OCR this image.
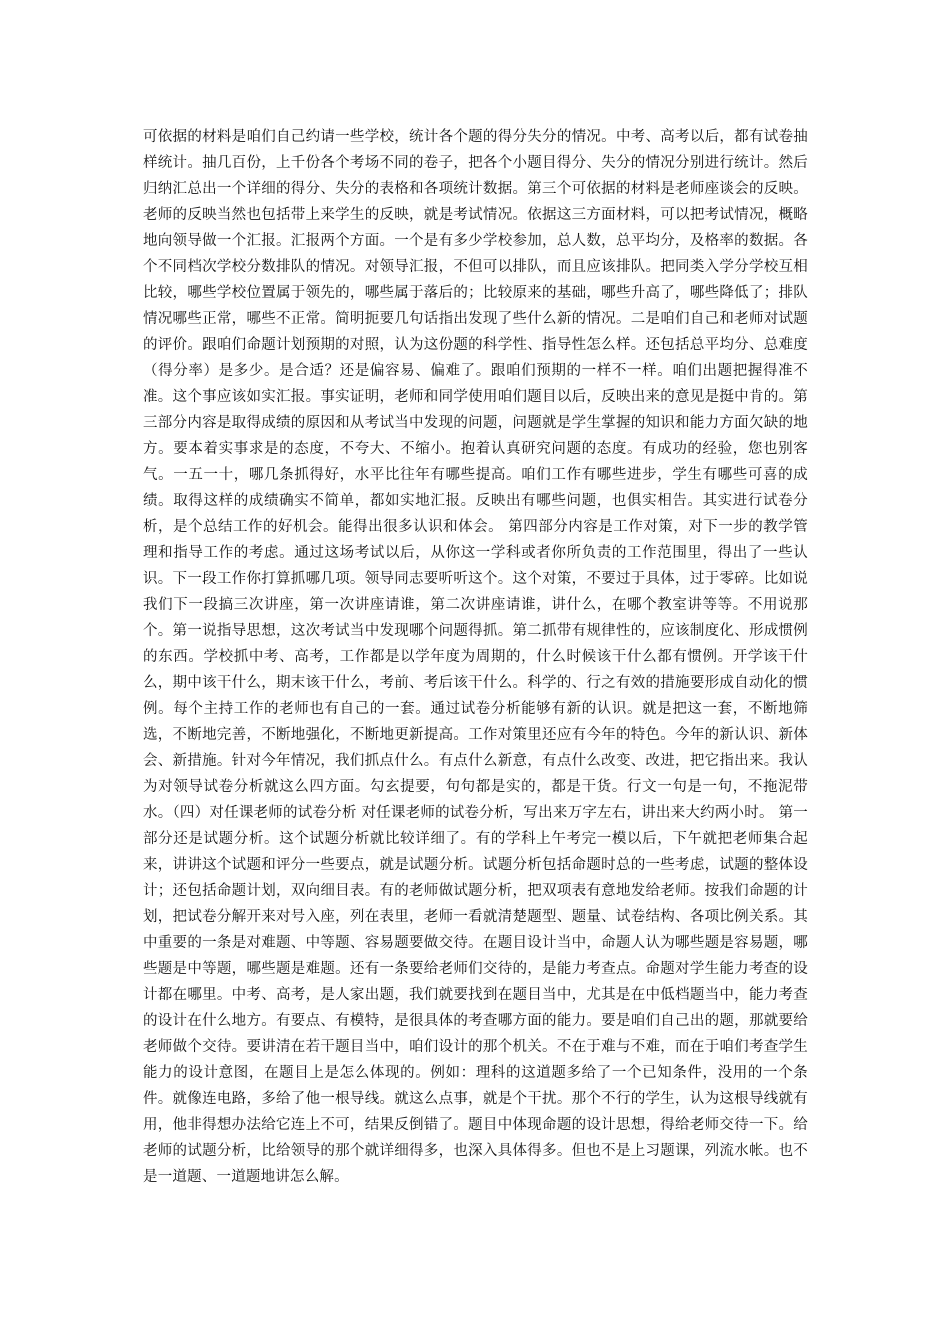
可依据的材料是咱们自己约请一些学校，统计各个题的得分失分的情况。中考、高考以后，都有试卷抽样统计。抽几百份，上千份各个考场不同的卷子，把各个小题目得分、失分的情况分别进行统计。然后归纳汇总出一个详细的得分、失分的表格和各项统计数据。第三个可依据的材料是老师座谈会的反映。老师的反映当然也包括带上来学生的反映，就是考试情况。依据这三方面材料，可以把考试情况，概略地向领导做一个汇报。汇报两个方面。一个是有多少学校参加，总人数，总平均分，及格率的数据。各个不同档次学校分数排队的情况。对领导汇报，不但可以排队，而且应该排队。把同类入学分学校互相比较，哪些学校位置属于领先的，哪些属于落后的；比较原来的基础，哪些升高了，哪些降低了；排队情况哪些正常，哪些不正常。简明扼要几句话指出发现了些什么新的情况。二是咱们自己和老师对试题的评价。跟咱们命题计划预期的对照，认为这份题的科学性、指导性怎么样。还包括总平均分、总难度（得分率）是多少。是合适？还是偏容易、偏难了。跟咱们预期的一样不一样。咱们出题把握得准不准。这个事应该如实汇报。事实证明，老师和同学使用咱们题目以后，反映出来的意见是挺中肯的。第三部分内容是取得成绩的原因和从考试当中发现的问题，问题就是学生掌握的知识和能力方面欠缺的地方。要本着实事求是的态度，不夸大、不缩小。抱着认真研究问题的态度。有成功的经验，您也别客气。一五一十，哪几条抓得好，水平比往年有哪些提高。咱们工作有哪些进步，学生有哪些可喜的成绩。取得这样的成绩确实不简单，都如实地汇报。反映出有哪些问题，也俱实相告。其实进行试卷分析，是个总结工作的好机会。能得出很多认识和体会。 第四部分内容是工作对策，对下一步的教学管理和指导工作的考虑。通过这场考试以后，从你这一学科或者你所负责的工作范围里，得出了一些认识。下一段工作你打算抓哪几项。领导同志要听听这个。这个对策，不要过于具体，过于零碎。比如说我们下一段搞三次讲座，第一次讲座请谁，第二次讲座请谁，讲什么，在哪个教室讲等等。不用说那个。第一说指导思想，这次考试当中发现哪个问题得抓。第二抓带有规律性的，应该制度化、形成惯例的东西。学校抓中考、高考，工作都是以学年度为周期的，什么时候该干什么都有惯例。开学该干什么，期中该干什么，期末该干什么，考前、考后该干什么。科学的、行之有效的措施要形成自动化的惯例。每个主持工作的老师也有自己的一套。通过试卷分析能够有新的认识。就是把这一套，不断地筛选，不断地完善，不断地强化，不断地更新提高。工作对策里还应有今年的特色。今年的新认识、新体会、新措施。针对今年情况，我们抓点什么。有点什么新意，有点什么改变、改进，把它指出来。我认为对领导试卷分析就这么四方面。勾玄提要，句句都是实的，都是干货。行文一句是一句，不拖泥带水。（四）对任课老师的试卷分析 对任课老师的试卷分析，写出来万字左右，讲出来大约两小时。 第一部分还是试题分析。这个试题分析就比较详细了。有的学科上午考完一模以后，下午就把老师集合起来，讲讲这个试题和评分一些要点，就是试题分析。试题分析包括命题时总的一些考虑，试题的整体设计；还包括命题计划，双向细目表。有的老师做试题分析，把双项表有意地发给老师。按我们命题的计划，把试卷分解开来对号入座，列在表里，老师一看就清楚题型、题量、试卷结构、各项比例关系。其中重要的一条是对难题、中等题、容易题要做交待。在题目设计当中，命题人认为哪些题是容易题，哪些题是中等题，哪些题是难题。还有一条要给老师们交待的，是能力考查点。命题对学生能力考查的设计都在哪里。中考、高考，是人家出题，我们就要找到在题目当中，尤其是在中低档题当中，能力考查的设计在什么地方。有要点、有模特，是很具体的考查哪方面的能力。要是咱们自己出的题，那就要给老师做个交待。要讲清在若干题目当中，咱们设计的那个机关。不在于难与不难，而在于咱们考查学生能力的设计意图，在题目上是怎么体现的。例如：理科的这道题多给了一个已知条件，没用的一个条件。就像连电路，多给了他一根导线。就这么点事，就是个干扰。那个不行的学生，认为这根导线就有用，他非得想办法给它连上不可，结果反倒错了。题目中体现命题的设计思想，得给老师交待一下。给老师的试题分析，比给领导的那个就详细得多，也深入具体得多。但也不是上习题课，列流水帐。也不是一道题、一道题地讲怎么解。
